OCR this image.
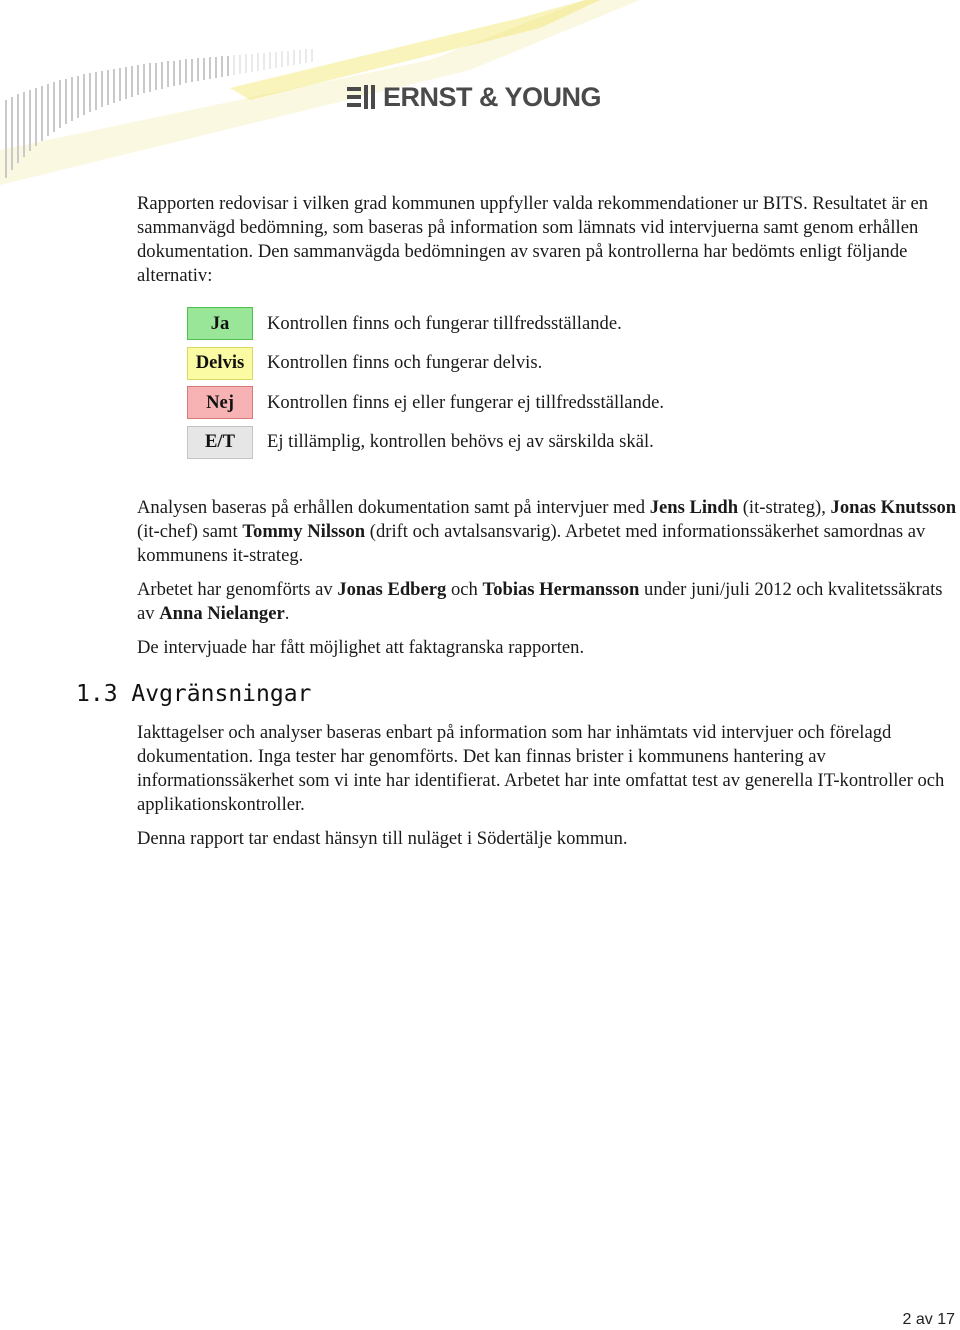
ERNST & YOUNG

Rapporten redovisar i vilken grad kommunen uppfyller valda rekommendationer ur BITS. Resultatet är en sammanvägd bedömning, som baseras på information som lämnats vid intervjuerna samt genom erhållen dokumentation. Den sammanvägda bedömningen av svaren på kontrollerna har bedömts enligt följande alternativ:

Ja	Kontrollen finns och fungerar tillfredsställande.
Delvis	Kontrollen finns och fungerar delvis.
Nej	Kontrollen finns ej eller fungerar ej tillfredsställande.
E/T	Ej tillämplig, kontrollen behövs ej av särskilda skäl.

Analysen baseras på erhållen dokumentation samt på intervjuer med Jens Lindh (it-strateg), Jonas Knutsson (it-chef) samt Tommy Nilsson (drift och avtalsansvarig). Arbetet med informationssäkerhet samordnas av kommunens it-strateg.

Arbetet har genomförts av Jonas Edberg och Tobias Hermansson under juni/juli 2012 och kvalitetssäkrats av Anna Nielanger.

De intervjuade har fått möjlighet att faktagranska rapporten.

1.3 Avgränsningar

Iakttagelser och analyser baseras enbart på information som har inhämtats vid intervjuer och förelagd dokumentation. Inga tester har genomförts. Det kan finnas brister i kommunens hantering av informationssäkerhet som vi inte har identifierat. Arbetet har inte omfattat test av generella IT-kontroller och applikationskontroller.

Denna rapport tar endast hänsyn till nuläget i Södertälje kommun.

2 av 17
